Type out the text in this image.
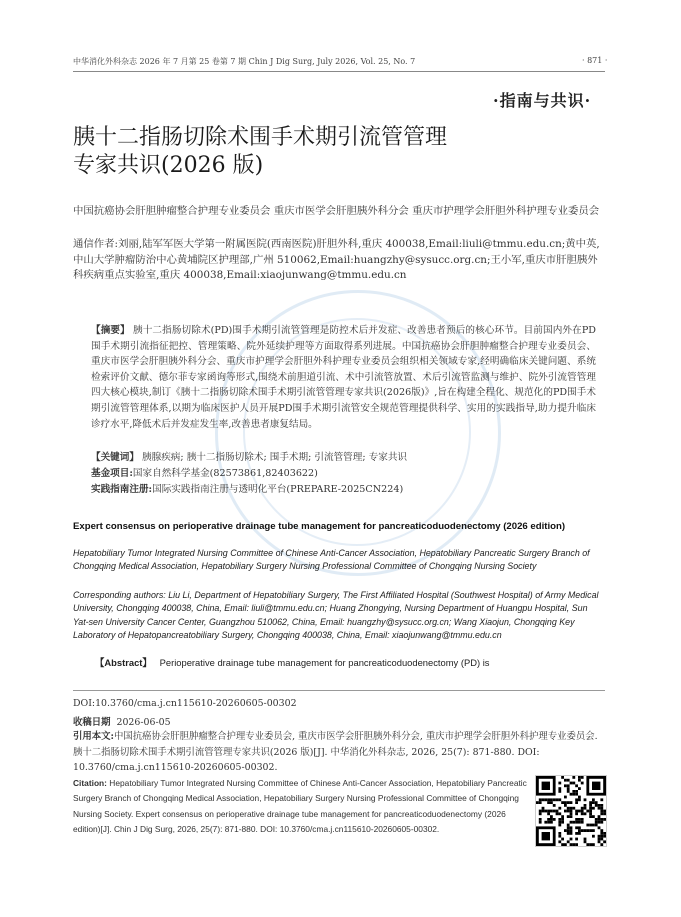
中华消化外科杂志 2026 年 7 月第 25 卷第 7 期 Chin J Dig Surg, July 2026, Vol. 25, No. 7	· 871 ·
·指南与共识·
胰十二指肠切除术围手术期引流管管理
专家共识(2026 版)
中国抗癌协会肝胆肿瘤整合护理专业委员会 重庆市医学会肝胆胰外科分会 重庆市护理学会肝胆外科护理专业委员会
通信作者:刘丽,陆军军医大学第一附属医院(西南医院)肝胆外科,重庆 400038,Email:liuli@tmmu.edu.cn;黄中英,中山大学肿瘤防治中心黄埔院区护理部,广州 510062,Email:huangzhy@sysucc.org.cn;王小军,重庆市肝胆胰外科疾病重点实验室,重庆 400038,Email:xiaojunwang@tmmu.edu.cn
【摘要】 胰十二指肠切除术(PD)围手术期引流管管理是防控术后并发症、改善患者预后的核心环节。目前国内外在PD围手术期引流指征把控、管理策略、院外延续护理等方面取得系列进展。中国抗癌协会肝胆肿瘤整合护理专业委员会、重庆市医学会肝胆胰外科分会、重庆市护理学会肝胆外科护理专业委员会组织相关领域专家,经明确临床关键问题、系统检索评价文献、德尔菲专家函询等形式,围绕术前胆道引流、术中引流管放置、术后引流管监测与维护、院外引流管管理四大核心模块,制订《胰十二指肠切除术围手术期引流管管理专家共识(2026版)》,旨在构建全程化、规范化的PD围手术期引流管管理体系,以期为临床医护人员开展PD围手术期引流管安全规范管理提供科学、实用的实践指导,助力提升临床诊疗水平,降低术后并发症发生率,改善患者康复结局。
【关键词】 胰腺疾病; 胰十二指肠切除术; 围手术期; 引流管管理; 专家共识
基金项目:国家自然科学基金(82573861,82403622)
实践指南注册:国际实践指南注册与透明化平台(PREPARE-2025CN224)
Expert consensus on perioperative drainage tube management for pancreaticoduodenectomy (2026 edition)
Hepatobiliary Tumor Integrated Nursing Committee of Chinese Anti-Cancer Association, Hepatobiliary Pancreatic Surgery Branch of Chongqing Medical Association, Hepatobiliary Surgery Nursing Professional Committee of Chongqing Nursing Society
Corresponding authors: Liu Li, Department of Hepatobiliary Surgery, The First Affiliated Hospital (Southwest Hospital) of Army Medical University, Chongqing 400038, China, Email: liuli@tmmu.edu.cn; Huang Zhongying, Nursing Department of Huangpu Hospital, Sun Yat-sen University Cancer Center, Guangzhou 510062, China, Email: huangzhy@sysucc.org.cn; Wang Xiaojun, Chongqing Key Laboratory of Hepatopancreatobiliary Surgery, Chongqing 400038, China, Email: xiaojunwang@tmmu.edu.cn
【Abstract】 Perioperative drainage tube management for pancreaticoduodenectomy (PD) is
DOI:10.3760/cma.j.cn115610-20260605-00302
收稿日期 2026-06-05
引用本文:中国抗癌协会肝胆肿瘤整合护理专业委员会, 重庆市医学会肝胆胰外科分会, 重庆市护理学会肝胆外科护理专业委员会. 胰十二指肠切除术围手术期引流管管理专家共识(2026 版)[J]. 中华消化外科杂志, 2026, 25(7): 871-880. DOI: 10.3760/cma.j.cn115610-20260605-00302.
Citation: Hepatobiliary Tumor Integrated Nursing Committee of Chinese Anti-Cancer Association, Hepatobiliary Pancreatic Surgery Branch of Chongqing Medical Association, Hepatobiliary Surgery Nursing Professional Committee of Chongqing Nursing Society. Expert consensus on perioperative drainage tube management for pancreaticoduodenectomy (2026 edition)[J]. Chin J Dig Surg, 2026, 25(7): 871-880. DOI: 10.3760/cma.j.cn115610-20260605-00302.
